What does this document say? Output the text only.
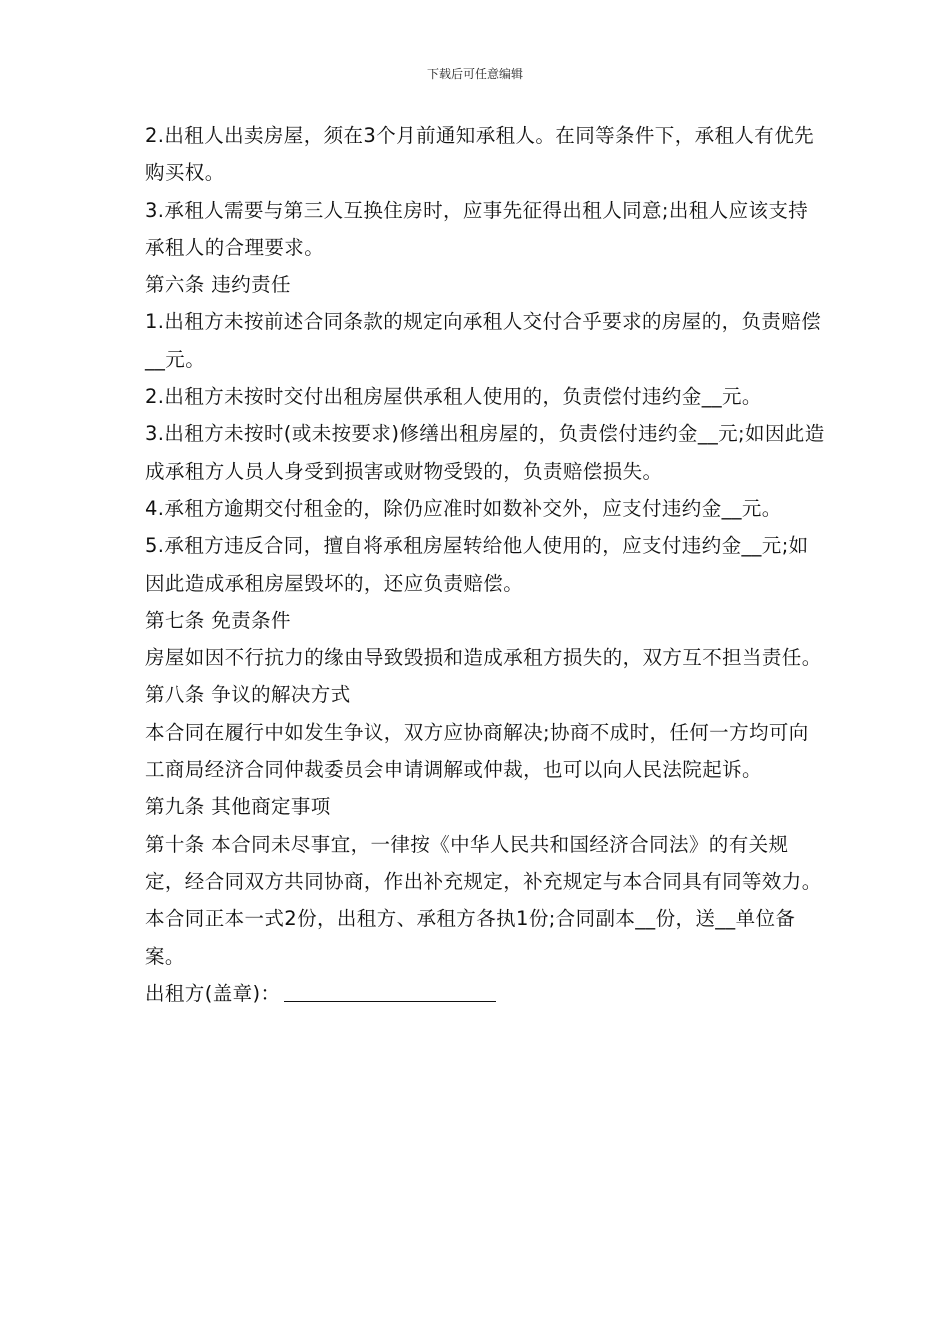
下载后可任意编辑

2.出租人出卖房屋，须在3个月前通知承租人。在同等条件下，承租人有优先购买权。

3.承租人需要与第三人互换住房时，应事先征得出租人同意;出租人应该支持承租人的合理要求。

第六条 违约责任

1.出租方未按前述合同条款的规定向承租人交付合乎要求的房屋的，负责赔偿__元。

2.出租方未按时交付出租房屋供承租人使用的，负责偿付违约金__元。

3.出租方未按时(或未按要求)修缮出租房屋的，负责偿付违约金__元;如因此造成承租方人员人身受到损害或财物受毁的，负责赔偿损失。

4.承租方逾期交付租金的，除仍应准时如数补交外，应支付违约金__元。

5.承租方违反合同，擅自将承租房屋转给他人使用的，应支付违约金__元;如因此造成承租房屋毁坏的，还应负责赔偿。

第七条 免责条件

房屋如因不行抗力的缘由导致毁损和造成承租方损失的，双方互不担当责任。

第八条 争议的解决方式

本合同在履行中如发生争议，双方应协商解决;协商不成时，任何一方均可向工商局经济合同仲裁委员会申请调解或仲裁，也可以向人民法院起诉。

第九条 其他商定事项

第十条 本合同未尽事宜，一律按《中华人民共和国经济合同法》的有关规定，经合同双方共同协商，作出补充规定，补充规定与本合同具有同等效力。

本合同正本一式2份，出租方、承租方各执1份;合同副本__份，送__单位备案。

出租方(盖章)：
